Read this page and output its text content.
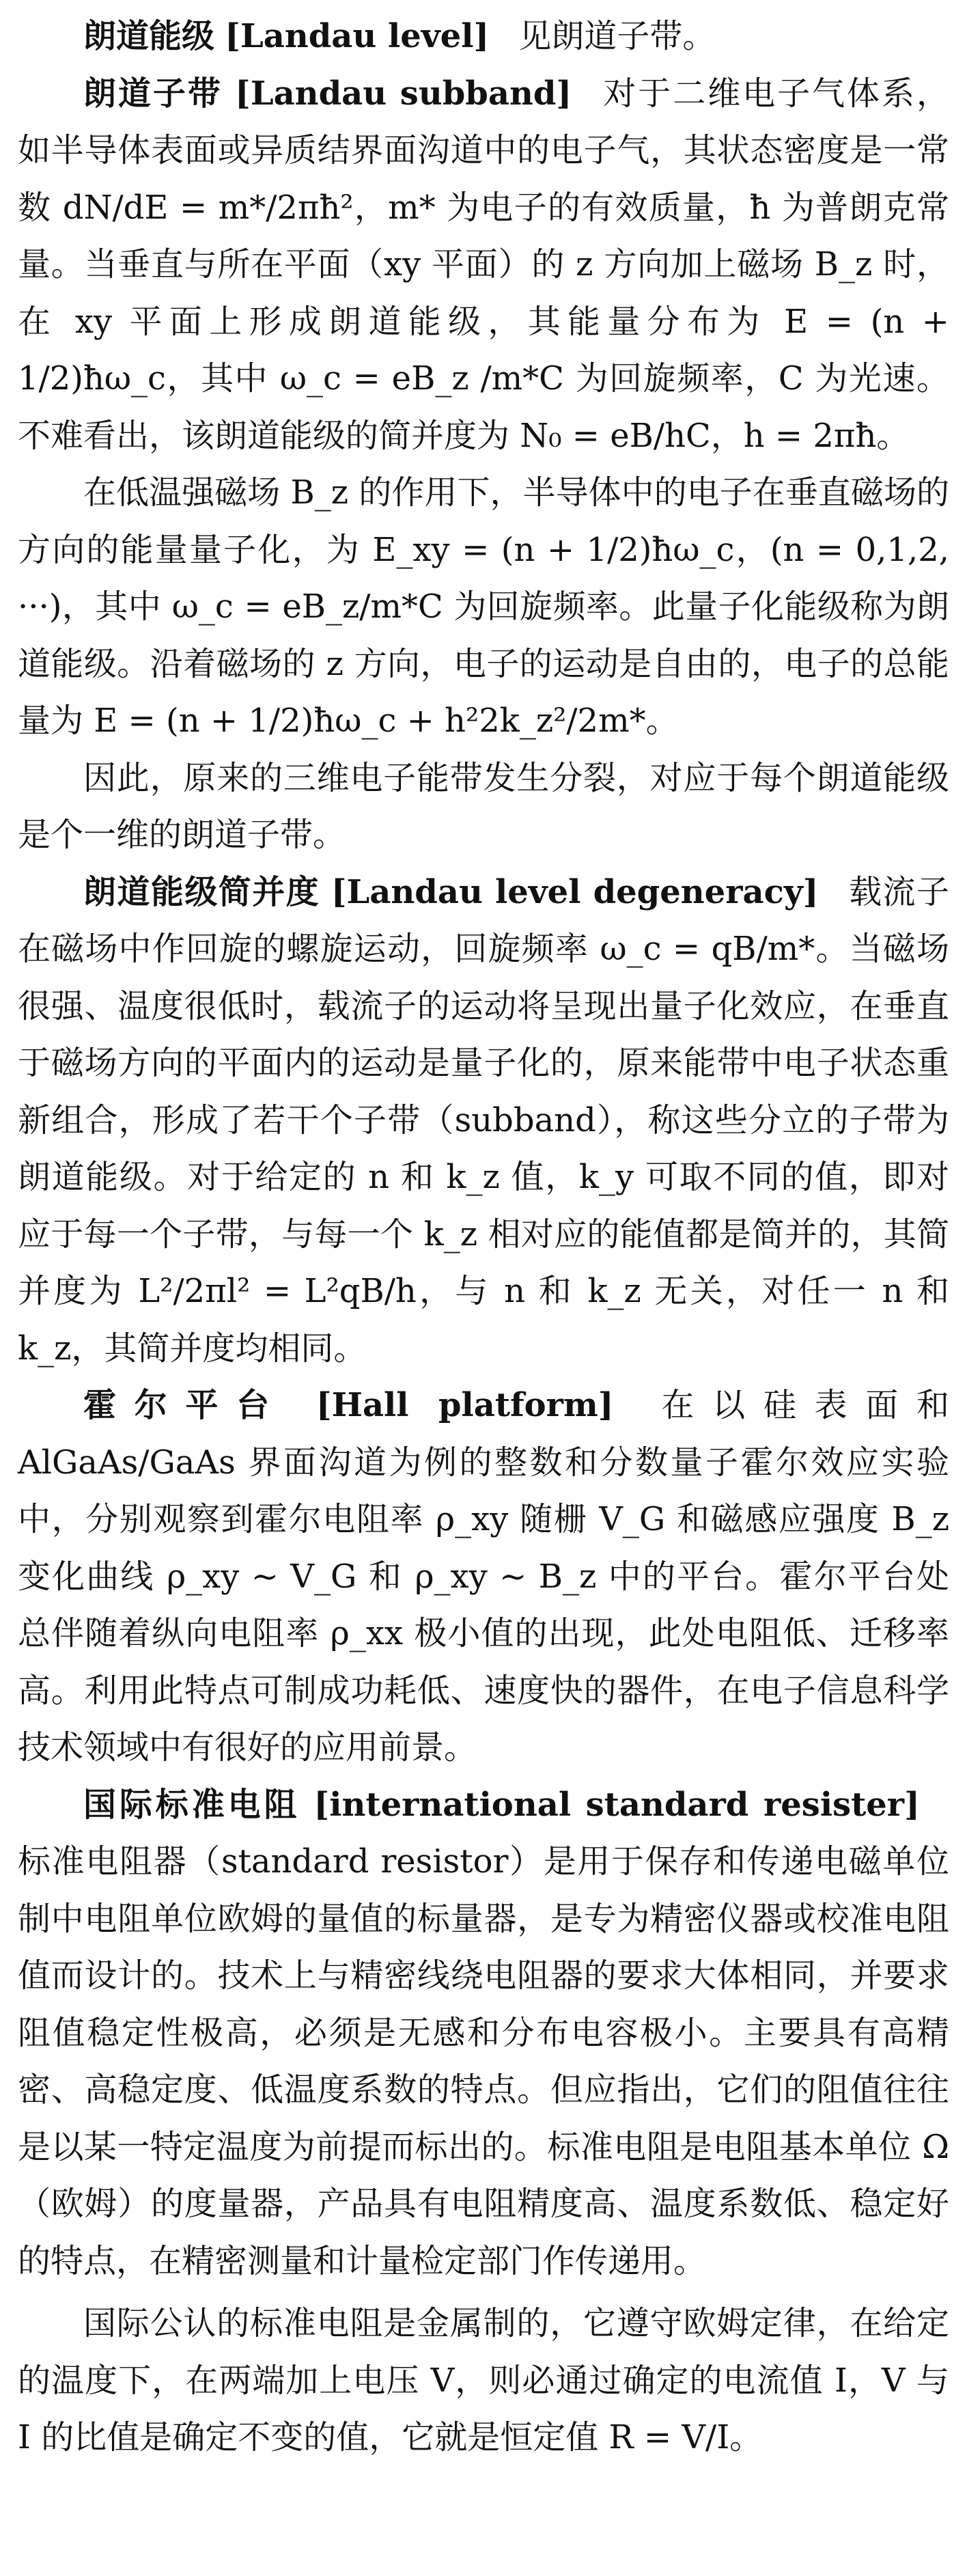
朗道能级 [Landau level] 见朗道子带。

朗道子带 [Landau subband] 对于二维电子气体系，如半导体表面或异质结界面沟道中的电子气，其状态密度是一常数 dN/dE = m*/2πħ²，m* 为电子的有效质量，ħ 为普朗克常量。当垂直与所在平面（xy 平面）的 z 方向加上磁场 B_z 时，在 xy 平面上形成朗道能级，其能量分布为 E = (n + 1/2)ħω_c，其中 ω_c = eB_z /m*C 为回旋频率，C 为光速。不难看出，该朗道能级的简并度为 N₀ = eB/hC，h = 2πħ。

在低温强磁场 B_z 的作用下，半导体中的电子在垂直磁场的方向的能量量子化，为 E_xy = (n + 1/2)ħω_c，(n = 0,1,2, ···)，其中 ω_c = eB_z/m*C 为回旋频率。此量子化能级称为朗道能级。沿着磁场的 z 方向，电子的运动是自由的，电子的总能量为 E = (n + 1/2)ħω_c + h²2k_z²/2m*。

因此，原来的三维电子能带发生分裂，对应于每个朗道能级是个一维的朗道子带。

朗道能级简并度 [Landau level degeneracy] 载流子在磁场中作回旋的螺旋运动，回旋频率 ω_c = qB/m*。当磁场很强、温度很低时，载流子的运动将呈现出量子化效应，在垂直于磁场方向的平面内的运动是量子化的，原来能带中电子状态重新组合，形成了若干个子带（subband），称这些分立的子带为朗道能级。对于给定的 n 和 k_z 值，k_y 可取不同的值，即对应于每一个子带，与每一个 k_z 相对应的能值都是简并的，其简并度为 L²/2πl² = L²qB/h，与 n 和 k_z 无关，对任一 n 和 k_z，其简并度均相同。

霍尔平台 [Hall platform] 在以硅表面和 AlGaAs/GaAs 界面沟道为例的整数和分数量子霍尔效应实验中，分别观察到霍尔电阻率 ρ_xy 随栅 V_G 和磁感应强度 B_z 变化曲线 ρ_xy ∼ V_G 和 ρ_xy ∼ B_z 中的平台。霍尔平台处总伴随着纵向电阻率 ρ_xx 极小值的出现，此处电阻低、迁移率高。利用此特点可制成功耗低、速度快的器件，在电子信息科学技术领域中有很好的应用前景。

国际标准电阻 [international standard resister]标准电阻器（standard resistor）是用于保存和传递电磁单位制中电阻单位欧姆的量值的标量器，是专为精密仪器或校准电阻值而设计的。技术上与精密线绕电阻器的要求大体相同，并要求阻值稳定性极高，必须是无感和分布电容极小。主要具有高精密、高稳定度、低温度系数的特点。但应指出，它们的阻值往往是以某一特定温度为前提而标出的。标准电阻是电阻基本单位 Ω（欧姆）的度量器，产品具有电阻精度高、温度系数低、稳定好的特点，在精密测量和计量检定部门作传递用。

国际公认的标准电阻是金属制的，它遵守欧姆定律，在给定的温度下，在两端加上电压 V，则必通过确定的电流值 I，V 与 I 的比值是确定不变的值，它就是恒定值 R = V/I。
